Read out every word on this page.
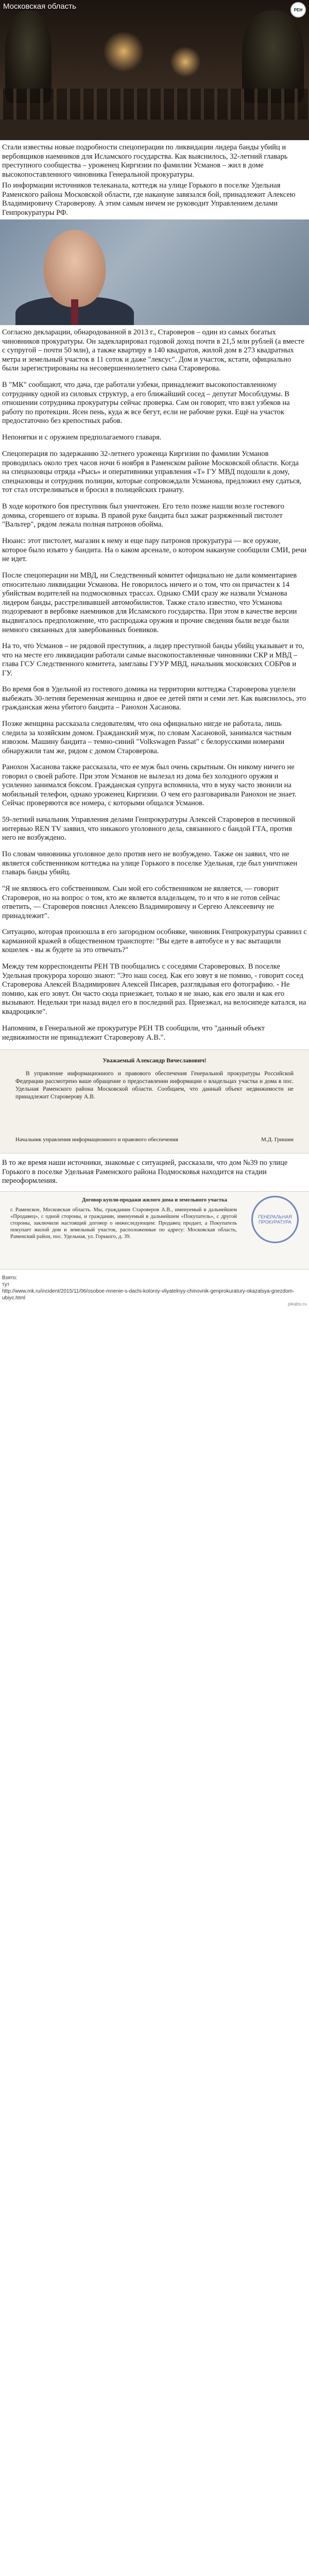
Московская область	РЕН

Стали известны новые подробности спецоперации по ликвидации лидера банды убийц и вербовщиков наемников для Исламского государства. Как выяснилось, 32-летний главарь преступного сообщества – уроженец Киргизии по фамилии Усманов – жил в доме высокопоставленного чиновника Генеральной прокуратуры.

По информации источников телеканала, коттедж на улице Горького в поселке Удельная Раменского района Московской области, где накануне завязался бой, принадлежит Алексею Владимировичу Староверову. А этим самым ничем не руководит Управлением делами Генпрокуратуры РФ.

Согласно декларации, обнародованной в 2013 г., Староверов – один из самых богатых чиновников прокуратуры. Он задекларировал годовой доход почти в 21,5 млн рублей (а вместе с супругой – почти 50 млн), а также квартиру в 140 квадратов, жилой дом в 273 квадратных метра и земельный участок в 11 соток и даже "лексус". Дом и участок, кстати, официально были зарегистрированы на несовершеннолетнего сына Староверова.

В "МК" сообщают, что дача, где работали узбеки, принадлежит высокопоставленному сотруднику одной из силовых структур, а его ближайший сосед – депутат Мособлдумы. В отношении сотрудника прокуратуры сейчас проверка. Сам он говорит, что взял узбеков на работу по протекции. Ясен пень, куда ж все бегут, если не рабочие руки. Ещё на участок предостаточно без крепостных рабов.

Непонятки и с оружием предполагаемого главаря.

Спецоперация по задержанию 32-летнего уроженца Киргизии по фамилии Усманов проводилась около трех часов ночи 6 ноября в Раменском районе Московской области. Когда на спецназовцы отряда «Рысь» и оперативники управления «Т» ГУ МВД подошли к дому, спецназовцы и сотрудник полиции, которые сопровождали Усманова, предложил ему сдаться, тот стал отстреливаться и бросил в полицейских гранату.

В ходе короткого боя преступник был уничтожен. Его тело позже нашли возле гостевого домика, сгоревшего от взрыва. В правой руке бандита был зажат разряженный пистолет "Вальтер", рядом лежала полная патронов обойма.

Нюанс: этот пистолет, магазин к нему и еще пару патронов прокуратура — все оружие, которое было изъято у бандита. На о каком арсенале, о котором накануне сообщили СМИ, речи не идет.

После спецоперации ни МВД, ни Следственный комитет официально не дали комментариев относительно ликвидации Усманова. Не говорилось ничего и о том, что он причастен к 14 убийствам водителей на подмосковных трассах. Однако СМИ сразу же назвали Усманова лидером банды, расстреливавшей автомобилистов. Также стало известно, что Усманова подозревают в вербовке наемников для Исламского государства. При этом в качестве версии выдвигалось предположение, что распродажа оружия и прочие сведения были везде были немного связанных для завербованных боевиков.

На то, что Усманов – не рядовой преступник, а лидер преступной банды убийц указывает и то, что на месте его ликвидации работали самые высокопоставленные чиновники СКР и МВД – глава ГСУ Следственного комитета, замглавы ГУУР МВД, начальник московских СОБРов и ГУ.

Во время боя в Удельной из гостевого домика на территории коттеджа Староверова уцелели выбежать 30-летняя беременная женщина и двое ее детей пяти и семи лет. Как выяснилось, это гражданская жена убитого бандита – Ранохон Хасанова.

Позже женщина рассказала следователям, что она официально нигде не работала, лишь следила за хозяйским домом. Гражданский муж, по словам Хасановой, занимался частным извозом. Машину бандита – темно-синий "Volkswagen Passat" с белорусскими номерами обнаружили там же, рядом с домом Староверова.

Ранохон Хасанова также рассказала, что ее муж был очень скрытным. Он никому ничего не говорил о своей работе. При этом Усманов не вылезал из дома без холодного оружия и усиленно занимался боксом. Гражданская супруга вспомнила, что в муку часто звонили на мобильный телефон, однако уроженец Киргизии. О чем его разговаривали Ранохон не знает. Сейчас проверяются все номера, с которыми общался Усманов.

59-летний начальник Управления делами Генпрокуратуры Алексей Староверов в песчинкой интервью REN TV заявил, что никакого уголовного дела, связанного с бандой ГТА, против него не возбуждено.

По словам чиновника уголовное дело против него не возбуждено. Также он заявил, что не является собственником коттеджа на улице Горького в поселке Удельная, где был уничтожен главарь банды убийц.

"Я не являюсь его собственником. Сын мой его собственником не является, — говорит Староверов, но на вопрос о том, кто же является владельцем, то и что я не готов сейчас ответить, — Староверов пояснил Алексею Владимировичу и Сергею Алексеевичу не принадлежит".

Ситуацию, которая произошла в его загородном особняке, чиновник Генпрокуратуры сравнил с карманной кражей в общественном транспорте: "Вы едете в автобусе и у вас вытащили кошелек - вы ж будете за это отвечать?"

Между тем корреспонденты РЕН ТВ пообщались с соседями Староверовых. В поселке Удельная прокурора хорошо знают: "Это наш сосед. Как его зовут я не помню, - говорит сосед Староверова Алексей Владимирович Алексей Писарев, разглядывая его фотографию. - Не помню, как его зовут. Он часто сюда приезжает, только я не знаю, как его звали и как его вызывают. Недельки три назад видел его в последний раз. Приезжал, на велосипеде катался, на квадроцикле".

Напомним, в Генеральной же прокуратуре РЕН ТВ сообщили, что "данный объект недвижимости не принадлежит Староверову А.В.".

Уважаемый Александр Вячеславович!
В управление информационного и правового обеспечения Генеральной прокуратуры Российской Федерации рассмотрено ваше обращение о предоставлении информации о владельцах участка и дома в пос. Удельная Раменского района Московской области. Сообщаем, что данный объект недвижимости не принадлежит Староверову А.В.
Начальник управления информационного и правового обеспечения	М.Д. Гришин

В то же время наши источники, знакомые с ситуацией, рассказали, что дом №39 по улице Горького в поселке Удельная Раменского района Подмосковья находится на стадии переоформления.

Договор купли-продажи жилого дома и земельного участка
г. Раменское, Московская область. Мы, гражданин Староверов А.В., именуемый в дальнейшем «Продавец», с одной стороны, и гражданин, именуемый в дальнейшем «Покупатель», с другой стороны, заключили настоящий договор о нижеследующем: Продавец продает, а Покупатель покупает жилой дом и земельный участок, расположенные по адресу: Московская область, Раменский район, пос. Удельная, ул. Горького, д. 39.
ГЕНЕРАЛЬНАЯ ПРОКУРАТУРА
Взято:
тут
http://www.mk.ru/incident/2015/11/06/osoboe-mnenie-s-dachi-kotoroy-vliyatelnyy-chinovnik-genprokuratury-okazalsya-gnezdom-ubiyc.html
pikabu.ru
